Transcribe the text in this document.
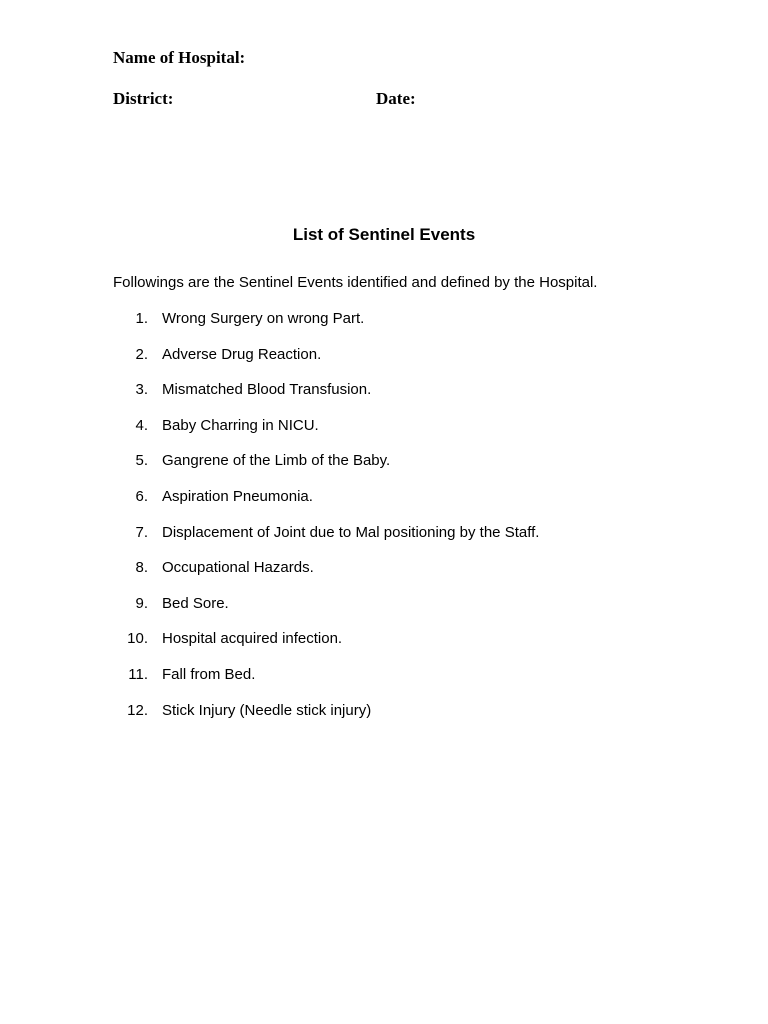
Name of Hospital:
District:	Date:
List of Sentinel Events
Followings are the Sentinel Events identified and defined by the Hospital.
1. Wrong Surgery on wrong Part.
2. Adverse Drug Reaction.
3. Mismatched Blood Transfusion.
4. Baby Charring in NICU.
5. Gangrene of the Limb of the Baby.
6. Aspiration Pneumonia.
7. Displacement of Joint due to Mal positioning by the Staff.
8. Occupational Hazards.
9. Bed Sore.
10. Hospital acquired infection.
11. Fall from Bed.
12. Stick Injury (Needle stick injury)
